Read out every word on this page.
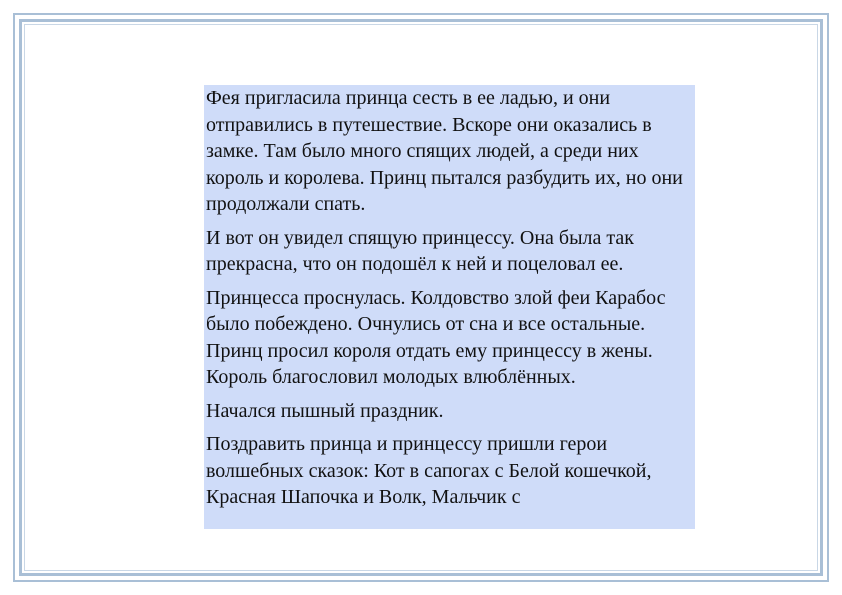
Фея пригласила принца сесть в ее ладью, и они отправились в путешествие. Вскоре они оказались в замке. Там было много спящих людей, а среди них король и королева. Принц пытался разбудить их, но они продолжали спать.

И вот он увидел спящую принцессу. Она была так прекрасна, что он подошёл к ней и поцеловал ее.

Принцесса проснулась. Колдовство злой феи Карабос было побеждено. Очнулись от сна и все остальные. Принц просил короля отдать ему принцессу в жены. Король благословил молодых влюблённых.

Начался пышный праздник.

Поздравить принца и принцессу пришли герои волшебных сказок: Кот в сапогах с Белой кошечкой, Красная Шапочка и Волк, Мальчик с
